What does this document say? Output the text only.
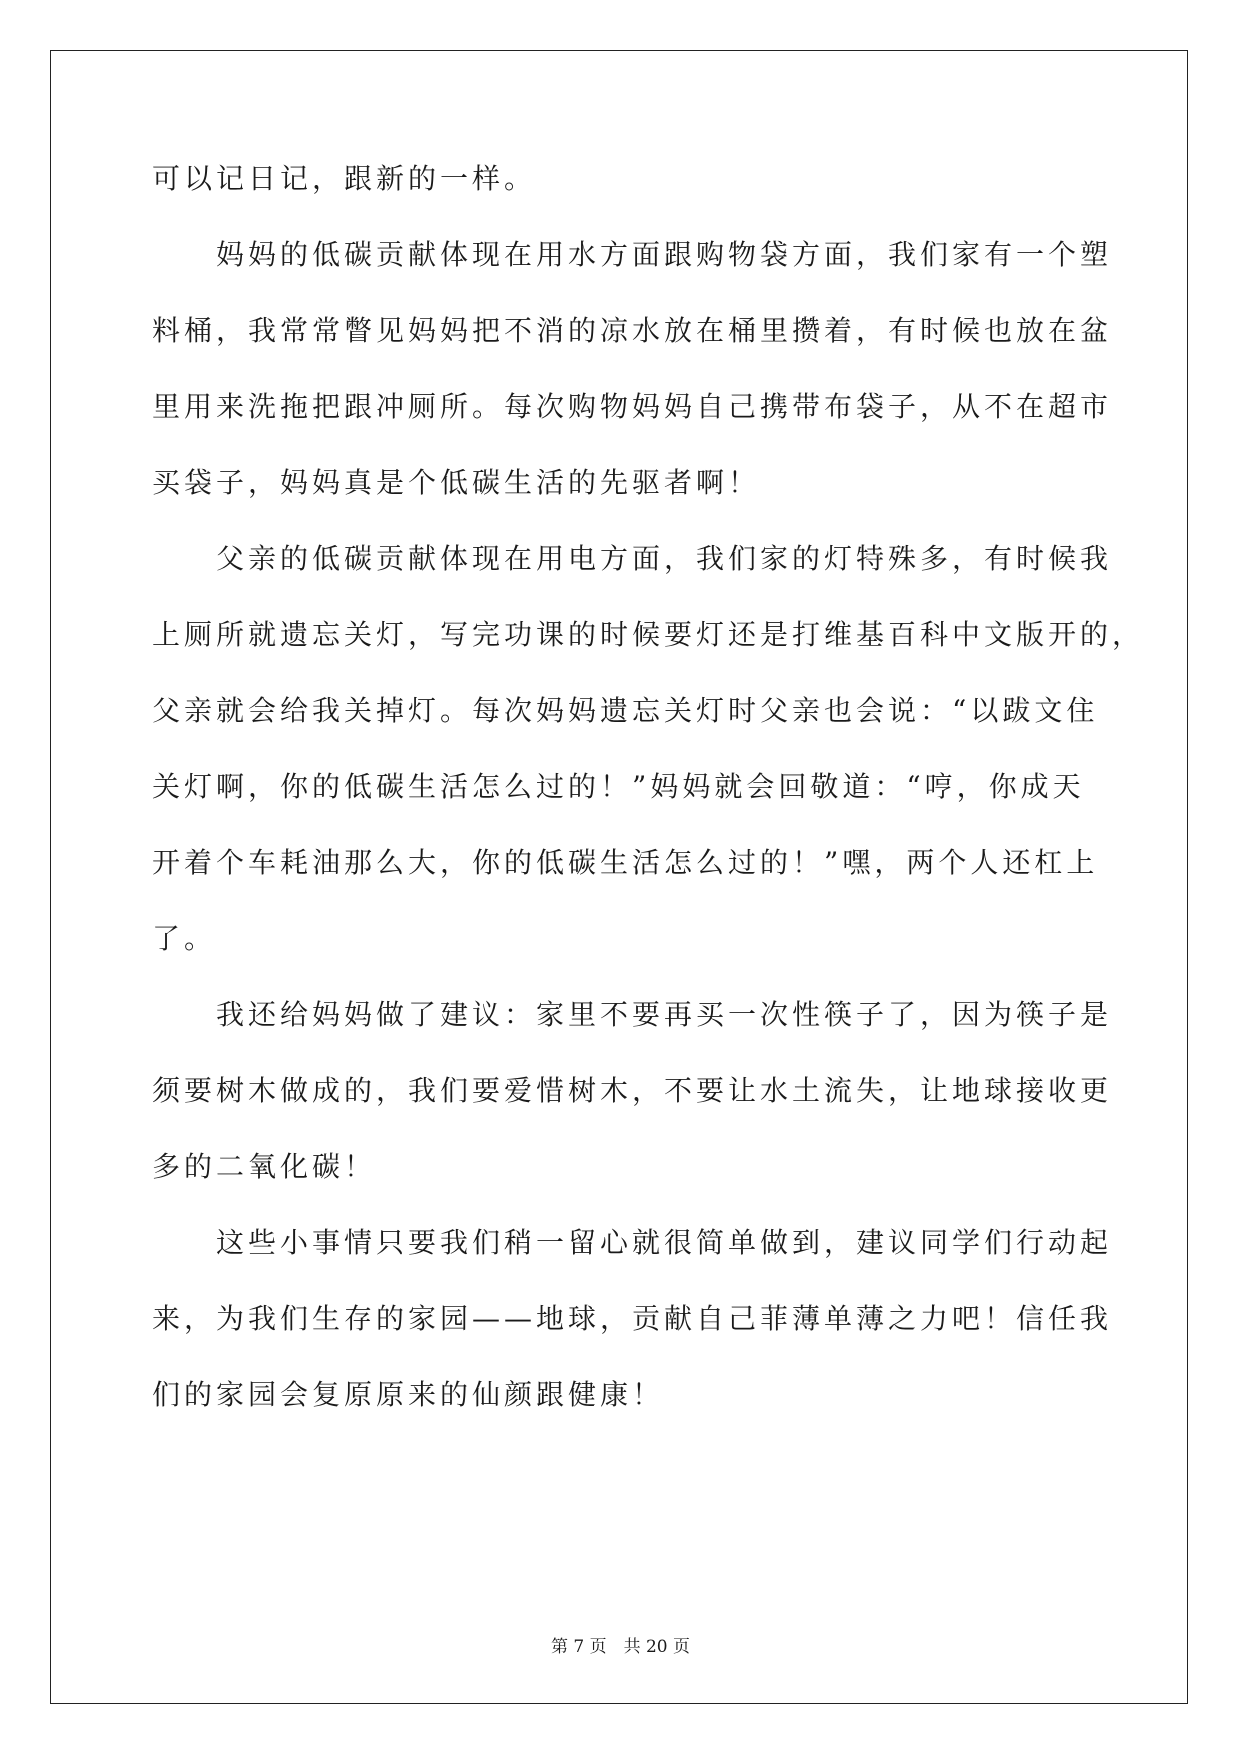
可以记日记，跟新的一样。
妈妈的低碳贡献体现在用水方面跟购物袋方面，我们家有一个塑
料桶，我常常瞥见妈妈把不消的凉水放在桶里攒着，有时候也放在盆
里用来洗拖把跟冲厕所。每次购物妈妈自己携带布袋子，从不在超市
买袋子，妈妈真是个低碳生活的先驱者啊！
父亲的低碳贡献体现在用电方面，我们家的灯特殊多，有时候我
上厕所就遗忘关灯，写完功课的时候要灯还是打维基百科中文版开的，
父亲就会给我关掉灯。每次妈妈遗忘关灯时父亲也会说：“以跋文住
关灯啊，你的低碳生活怎么过的！”妈妈就会回敬道：“哼，你成天
开着个车耗油那么大，你的低碳生活怎么过的！”嘿，两个人还杠上
了。
我还给妈妈做了建议：家里不要再买一次性筷子了，因为筷子是
须要树木做成的，我们要爱惜树木，不要让水土流失，让地球接收更
多的二氧化碳！
这些小事情只要我们稍一留心就很简单做到，建议同学们行动起
来，为我们生存的家园——地球，贡献自己菲薄单薄之力吧！信任我
们的家园会复原原来的仙颜跟健康！
第 7 页　共 20 页
